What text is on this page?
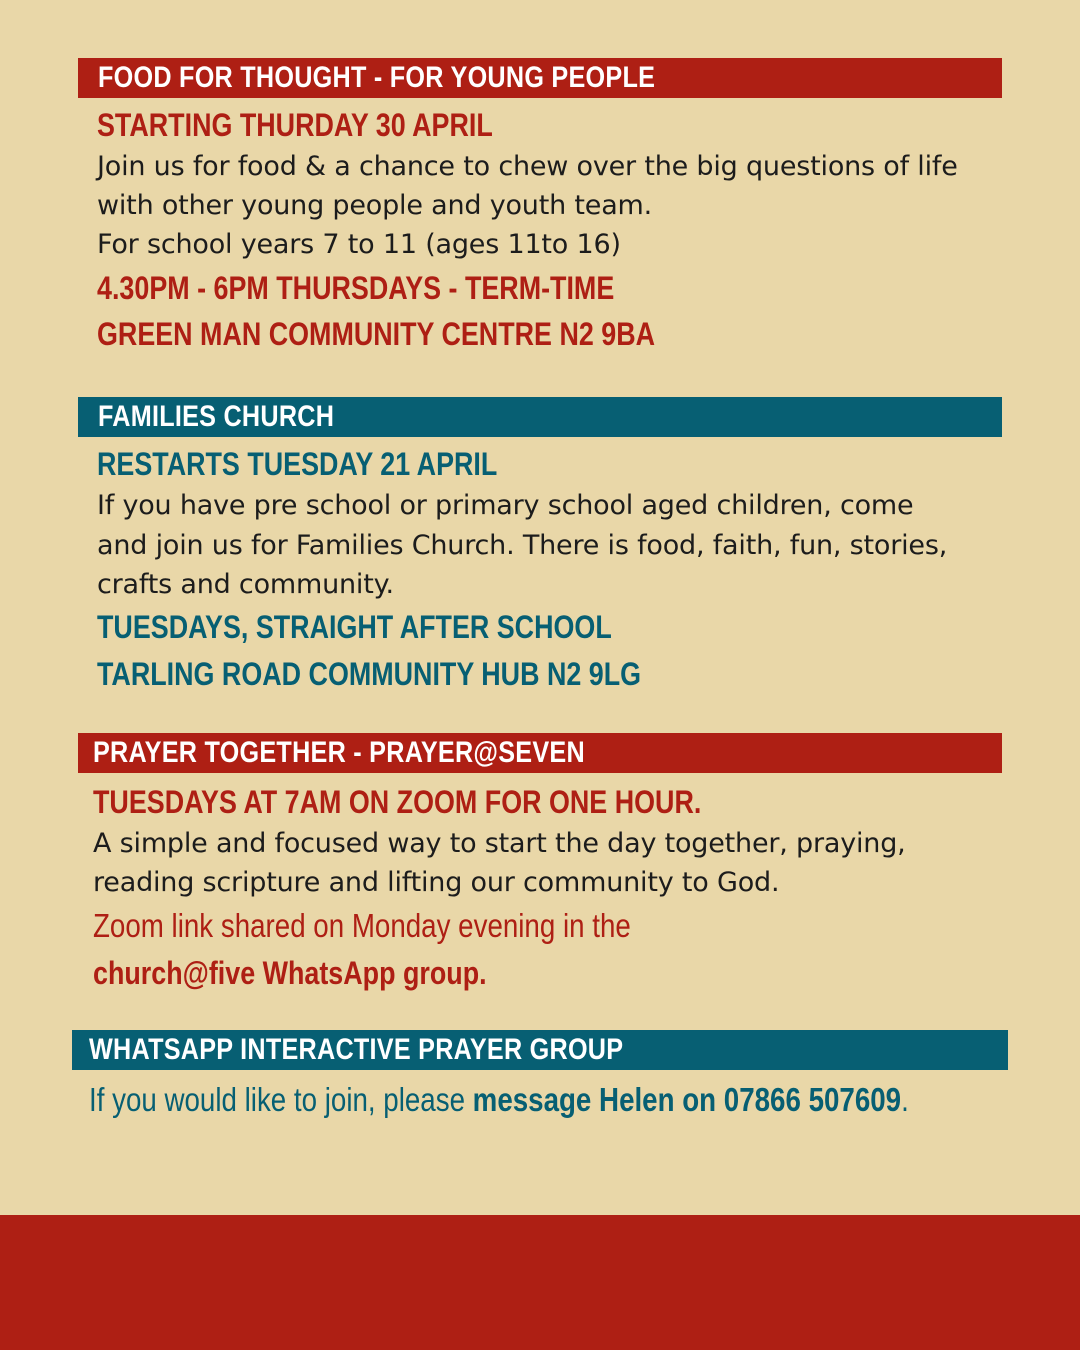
FOOD FOR THOUGHT - FOR YOUNG PEOPLE
STARTING THURDAY 30 APRIL
Join us for food & a chance to chew over the big questions of life
with other young people and youth team.
For school years 7 to 11 (ages 11to 16)
4.30PM - 6PM THURSDAYS - TERM-TIME
GREEN MAN COMMUNITY CENTRE N2 9BA
FAMILIES CHURCH
RESTARTS TUESDAY 21 APRIL
If you have pre school or primary school aged children, come
and join us for Families Church. There is food, faith, fun, stories,
crafts and community.
TUESDAYS, STRAIGHT AFTER SCHOOL
TARLING ROAD COMMUNITY HUB N2 9LG
PRAYER TOGETHER - PRAYER@SEVEN
TUESDAYS AT 7AM ON ZOOM FOR ONE HOUR.
A simple and focused way to start the day together, praying,
reading scripture and lifting our community to God.
Zoom link shared on Monday evening in the
church@five WhatsApp group.
WHATSAPP INTERACTIVE PRAYER GROUP
If you would like to join, please message Helen on 07866 507609.
